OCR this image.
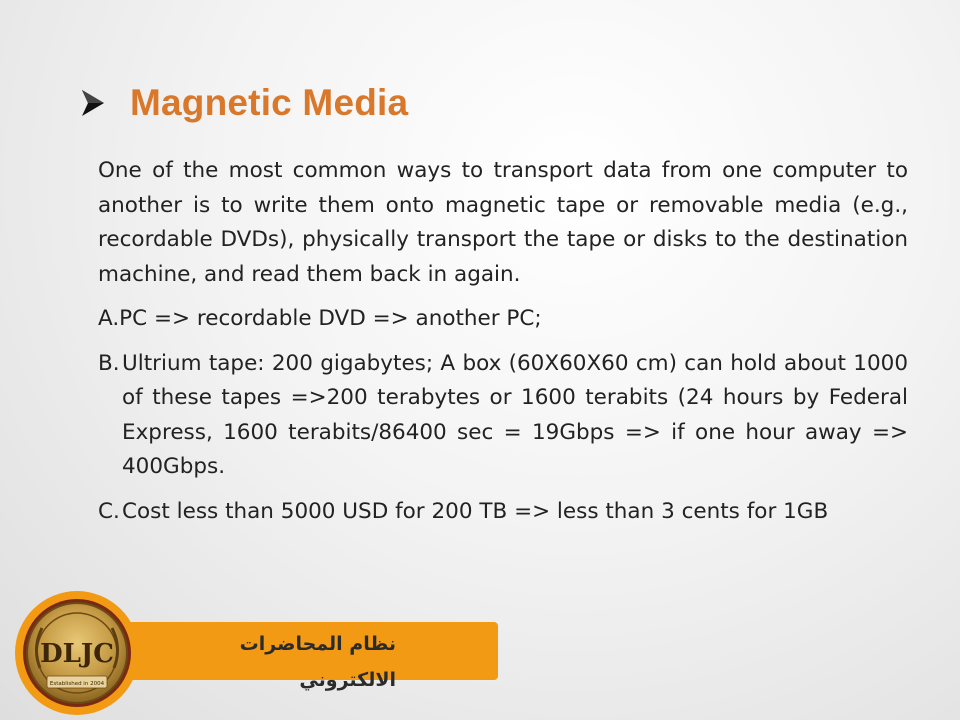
Magnetic Media

One of the most common ways to transport data from one computer to another is to write them onto magnetic tape or removable media (e.g., recordable DVDs), physically transport the tape or disks to the destination machine, and read them back in again.

A. PC => recordable DVD => another PC;
B. Ultrium tape: 200 gigabytes; A box (60X60X60 cm) can hold about 1000 of these tapes =>200 terabytes or 1600 terabits (24 hours by Federal Express, 1600 terabits/86400 sec = 19Gbps => if one hour away => 400Gbps.
C. Cost less than 5000 USD for 200 TB => less than 3 cents for 1GB
نظام المحاضرات الالكتروني
DLJC
Established in 2004
